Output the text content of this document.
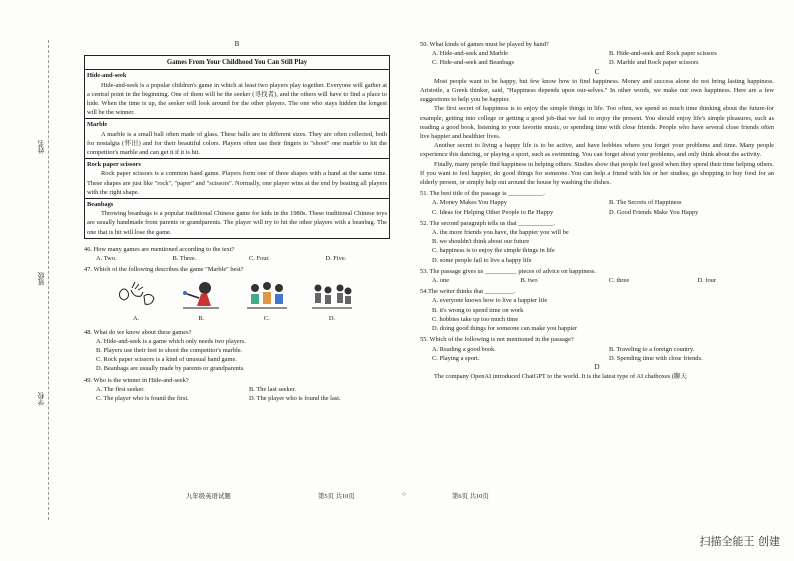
姓名
班级
学校
B
Games From Your Childhood You Can Still Play
Hide-and-seek
Hide-and-seek is a popular children's game in which at least two players play together. Everyone will gather at a central point in the beginning. One of them will be the seeker (寻找者), and the others will have to find a place to hide. When the time is up, the seeker will look around for the other players. The one who stays hidden the longest will be the winner.
Marble
A marble is a small ball often made of glass. These balls are in different sizes. They are often collected, both for nostalgia (怀旧) and for their beautiful colors. Players often use their fingers to "shoot" one marble to hit the competitor's marble and can get it if it is hit.
Rock paper scissors
Rock paper scissors is a common hand game. Players form one of three shapes with a hand at the same time. These shapes are just like "rock", "paper" and "scissors". Normally, one player wins at the end by beating all players with the right shape.
Beanbags
Throwing beanbags is a popular traditional Chinese game for kids in the 1980s. These traditional Chinese toys are usually handmade from parents or grandparents. The player will try to hit the other players with a beanbag. The one that is hit will lose the game.
46. How many games are mentioned according to the text?
A. Two.	B. Three.	C. Four.	D. Five.
47. Which of the following describes the game "Marble" best?
A.	B.	C.	D.
48. What do we know about these games?
A. Hide-and-seek is a game which only needs two players.
B. Players use their feet to shoot the competitor's marble.
C. Rock paper scissors is a kind of unusual hand game.
D. Beanbags are usually made by parents or grandparents.
49. Who is the winner in Hide-and-seek?
A. The first seeker.	B. The last seeker.
C. The player who is found the first.	D. The player who is found the last.
50. What kinds of games must be played by hand?
A. Hide-and-seek and Marble	B. Hide-and-seek and Rock paper scissors
C. Hide-and-seek and Beanbags	D. Marble and Rock paper scissors
C
Most people want to be happy, but few know how to find happiness. Money and success alone do not bring lasting happiness. Aristotle, a Greek thinker, said, "Happiness depends upon our-selves." In other words, we make our own happiness. Here are a few suggestions to help you be happier.
The first secret of happiness is to enjoy the simple things in life. Too often, we spend so much time thinking about the future-for example, getting into college or getting a good job-that we fail to enjoy the present. You should enjoy life's simple pleasures, such as reading a good book, listening to your favorite music, or spending time with close friends. People who have several close friends often live happier and healthier lives.
Another secret to living a happy life is to be active, and have hobbies where you forget your problems and time. Many people experience this dancing, or playing a sport, such as swimming. You can forget about your problems, and only think about the activity.
Finally, many people find happiness in helping others. Studies show that people feel good when they spend their time helping others. If you want to feel happier, do good things for someone. You can help a friend with his or her studies, go shopping to buy food for an elderly person, or simply help out around the house by washing the dishes.
51. The best title of the passage is ___________.
A. Money Makes You Happy	B. The Secrets of Happiness
C. Ideas for Helping Other People to Be Happy	D. Good Friends Make You Happy
52. The second paragraph tells us that ___________.
A. the more friends you have, the happier you will be
B. we shouldn't think about our future
C. happiness is to enjoy the simple things in life
D. some people fail to live a happy life
53. The passage gives us __________ pieces of advice on happiness.
A. one	B. two	C. three	D. four
54.The writer thinks that _________.
A. everyone knows how to live a happier life
B. it's wrong to spend time on work
C. hobbies take up too much time
D. doing good things for someone can make you happier
55. Which of the following is not mentioned in the passage?
A. Reading a good book.	B. Traveling to a foreign country.
C. Playing a sport.	D. Spending time with close friends.
D
The company OpenAI introduced ChatGPT to the world. It is the latest type of AI chatboxes (聊天
九年级英语试题	第5页 共10页	○	第6页 共10页
扫描全能王 创建
